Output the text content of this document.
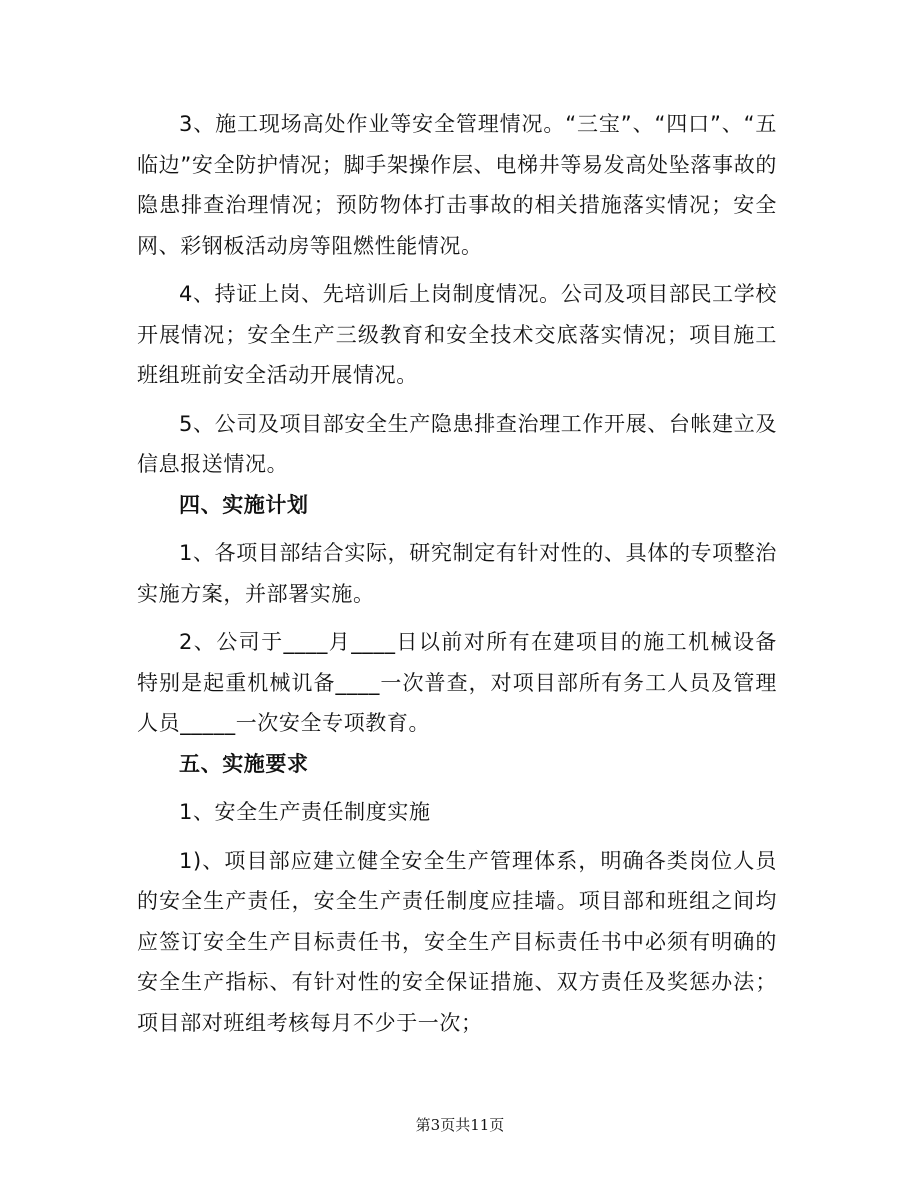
3、施工现场高处作业等安全管理情况。“三宝”、“四口”、“五临边”安全防护情况；脚手架操作层、电梯井等易发高处坠落事故的隐患排查治理情况；预防物体打击事故的相关措施落实情况；安全网、彩钢板活动房等阻燃性能情况。

4、持证上岗、先培训后上岗制度情况。公司及项目部民工学校开展情况；安全生产三级教育和安全技术交底落实情况；项目施工班组班前安全活动开展情况。

5、公司及项目部安全生产隐患排查治理工作开展、台帐建立及信息报送情况。

四、实施计划

1、各项目部结合实际，研究制定有针对性的、具体的专项整治实施方案，并部署实施。

2、公司于____月____日以前对所有在建项目的施工机械设备特别是起重机械讥备____一次普查，对项目部所有务工人员及管理人员_____一次安全专项教育。

五、实施要求

1、安全生产责任制度实施

1)、项目部应建立健全安全生产管理体系，明确各类岗位人员的安全生产责任，安全生产责任制度应挂墙。项目部和班组之间均应签订安全生产目标责任书，安全生产目标责任书中必须有明确的安全生产指标、有针对性的安全保证措施、双方责任及奖惩办法；项目部对班组考核每月不少于一次；

第3页共11页
